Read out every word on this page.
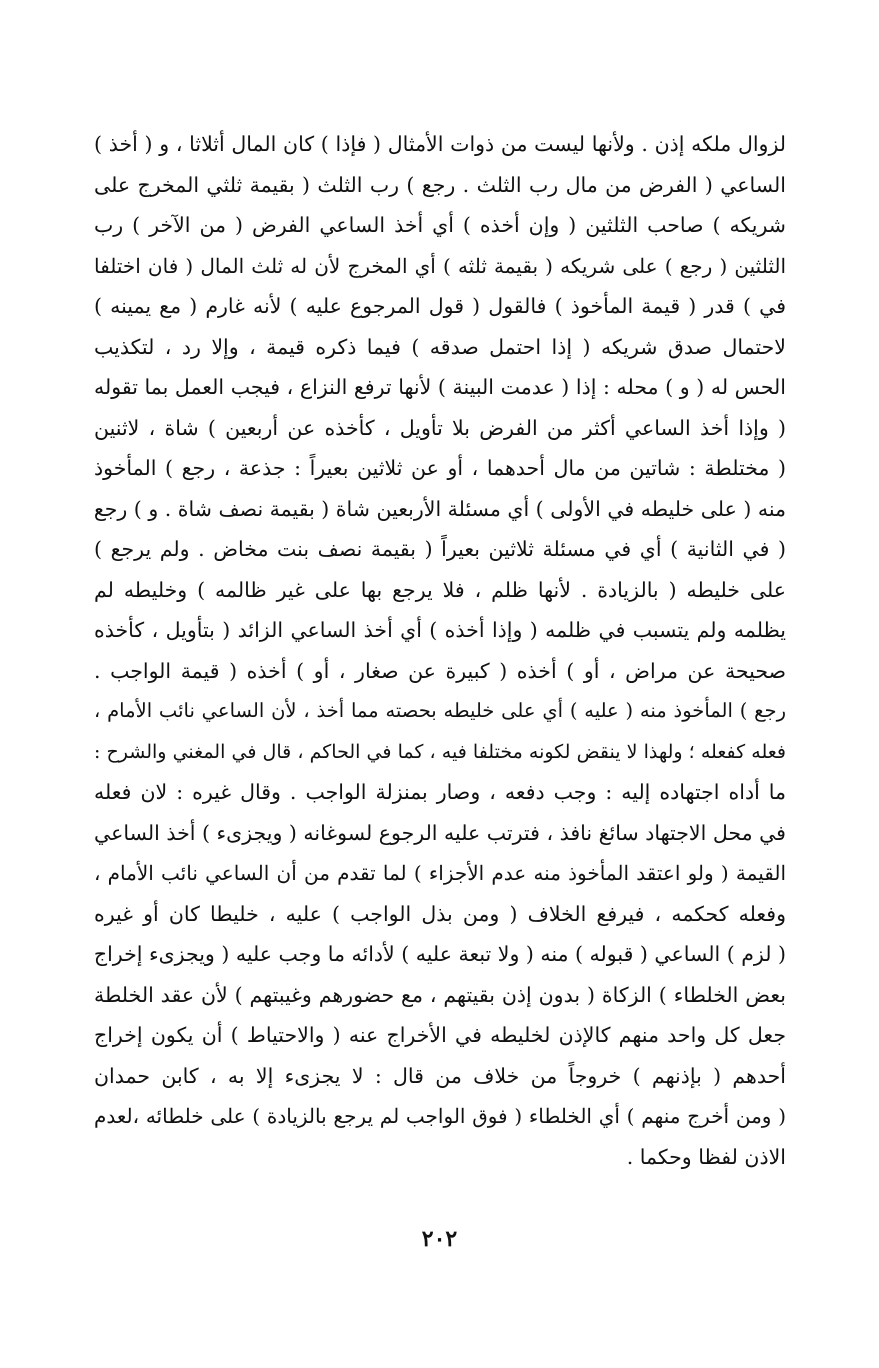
لزوال ملكه إذن . ولأنها ليست من ذوات الأمثال ( فإذا ) كان المال أثلاثا ، و ( أخذ )
الساعي ( الفرض من مال رب الثلث . رجع ) رب الثلث ( بقيمة ثلثي المخرج على
شريكه ) صاحب الثلثين ( وإن أخذه ) أي أخذ الساعي الفرض ( من الآخر ) رب
الثلثين ( رجع ) على شريكه ( بقيمة ثلثه ) أي المخرج لأن له ثلث المال ( فان اختلفا
في ) قدر ( قيمة المأخوذ ) فالقول ( قول المرجوع عليه ) لأنه غارم ( مع يمينه )
لاحتمال صدق شريكه ( إذا احتمل صدقه ) فيما ذكره قيمة ، وإلا رد ، لتكذيب
الحس له ( و ) محله : إذا ( عدمت البينة ) لأنها ترفع النزاع ، فيجب العمل بما تقوله
( وإذا أخذ الساعي أكثر من الفرض بلا تأويل ، كأخذه عن أربعين ) شاة ، لاثنين
( مختلطة : شاتين من مال أحدهما ، أو عن ثلاثين بعيراً : جذعة ، رجع ) المأخوذ
منه ( على خليطه في الأولى ) أي مسئلة الأربعين شاة ( بقيمة نصف شاة . و ) رجع
( في الثانية ) أي في مسئلة ثلاثين بعيراً ( بقيمة نصف بنت مخاض . ولم يرجع )
على خليطه ( بالزيادة . لأنها ظلم ، فلا يرجع بها على غير ظالمه ) وخليطه لم
يظلمه ولم يتسبب في ظلمه ( وإذا أخذه ) أي أخذ الساعي الزائد ( بتأويل ، كأخذه
صحيحة عن مراض ، أو ) أخذه ( كبيرة عن صغار ، أو ) أخذه ( قيمة الواجب .
رجع ) المأخوذ منه ( عليه ) أي على خليطه بحصته مما أخذ ، لأن الساعي نائب الأمام ،
فعله كفعله ؛ ولهذا لا ينقض لكونه مختلفا فيه ، كما في الحاكم ، قال في المغني والشرح :
ما أداه اجتهاده إليه : وجب دفعه ، وصار بمنزلة الواجب . وقال غيره : لان فعله
في محل الاجتهاد سائغ نافذ ، فترتب عليه الرجوع لسوغانه ( ويجزىء ) أخذ الساعي
القيمة ( ولو اعتقد المأخوذ منه عدم الأجزاء ) لما تقدم من أن الساعي نائب الأمام ،
وفعله كحكمه ، فيرفع الخلاف ( ومن بذل الواجب ) عليه ، خليطا كان أو غيره
( لزم ) الساعي ( قبوله ) منه ( ولا تبعة عليه ) لأدائه ما وجب عليه ( ويجزىء إخراج
بعض الخلطاء ) الزكاة ( بدون إذن بقيتهم ، مع حضورهم وغيبتهم ) لأن عقد الخلطة
جعل كل واحد منهم كالإذن لخليطه في الأخراج عنه ( والاحتياط ) أن يكون إخراج
أحدهم ( بإذنهم ) خروجاً من خلاف من قال : لا يجزىء إلا به ، كابن حمدان
( ومن أخرج منهم ) أي الخلطاء ( فوق الواجب لم يرجع بالزيادة ) على خلطائه ،لعدم
الاذن لفظا وحكما .
٢٠٢
